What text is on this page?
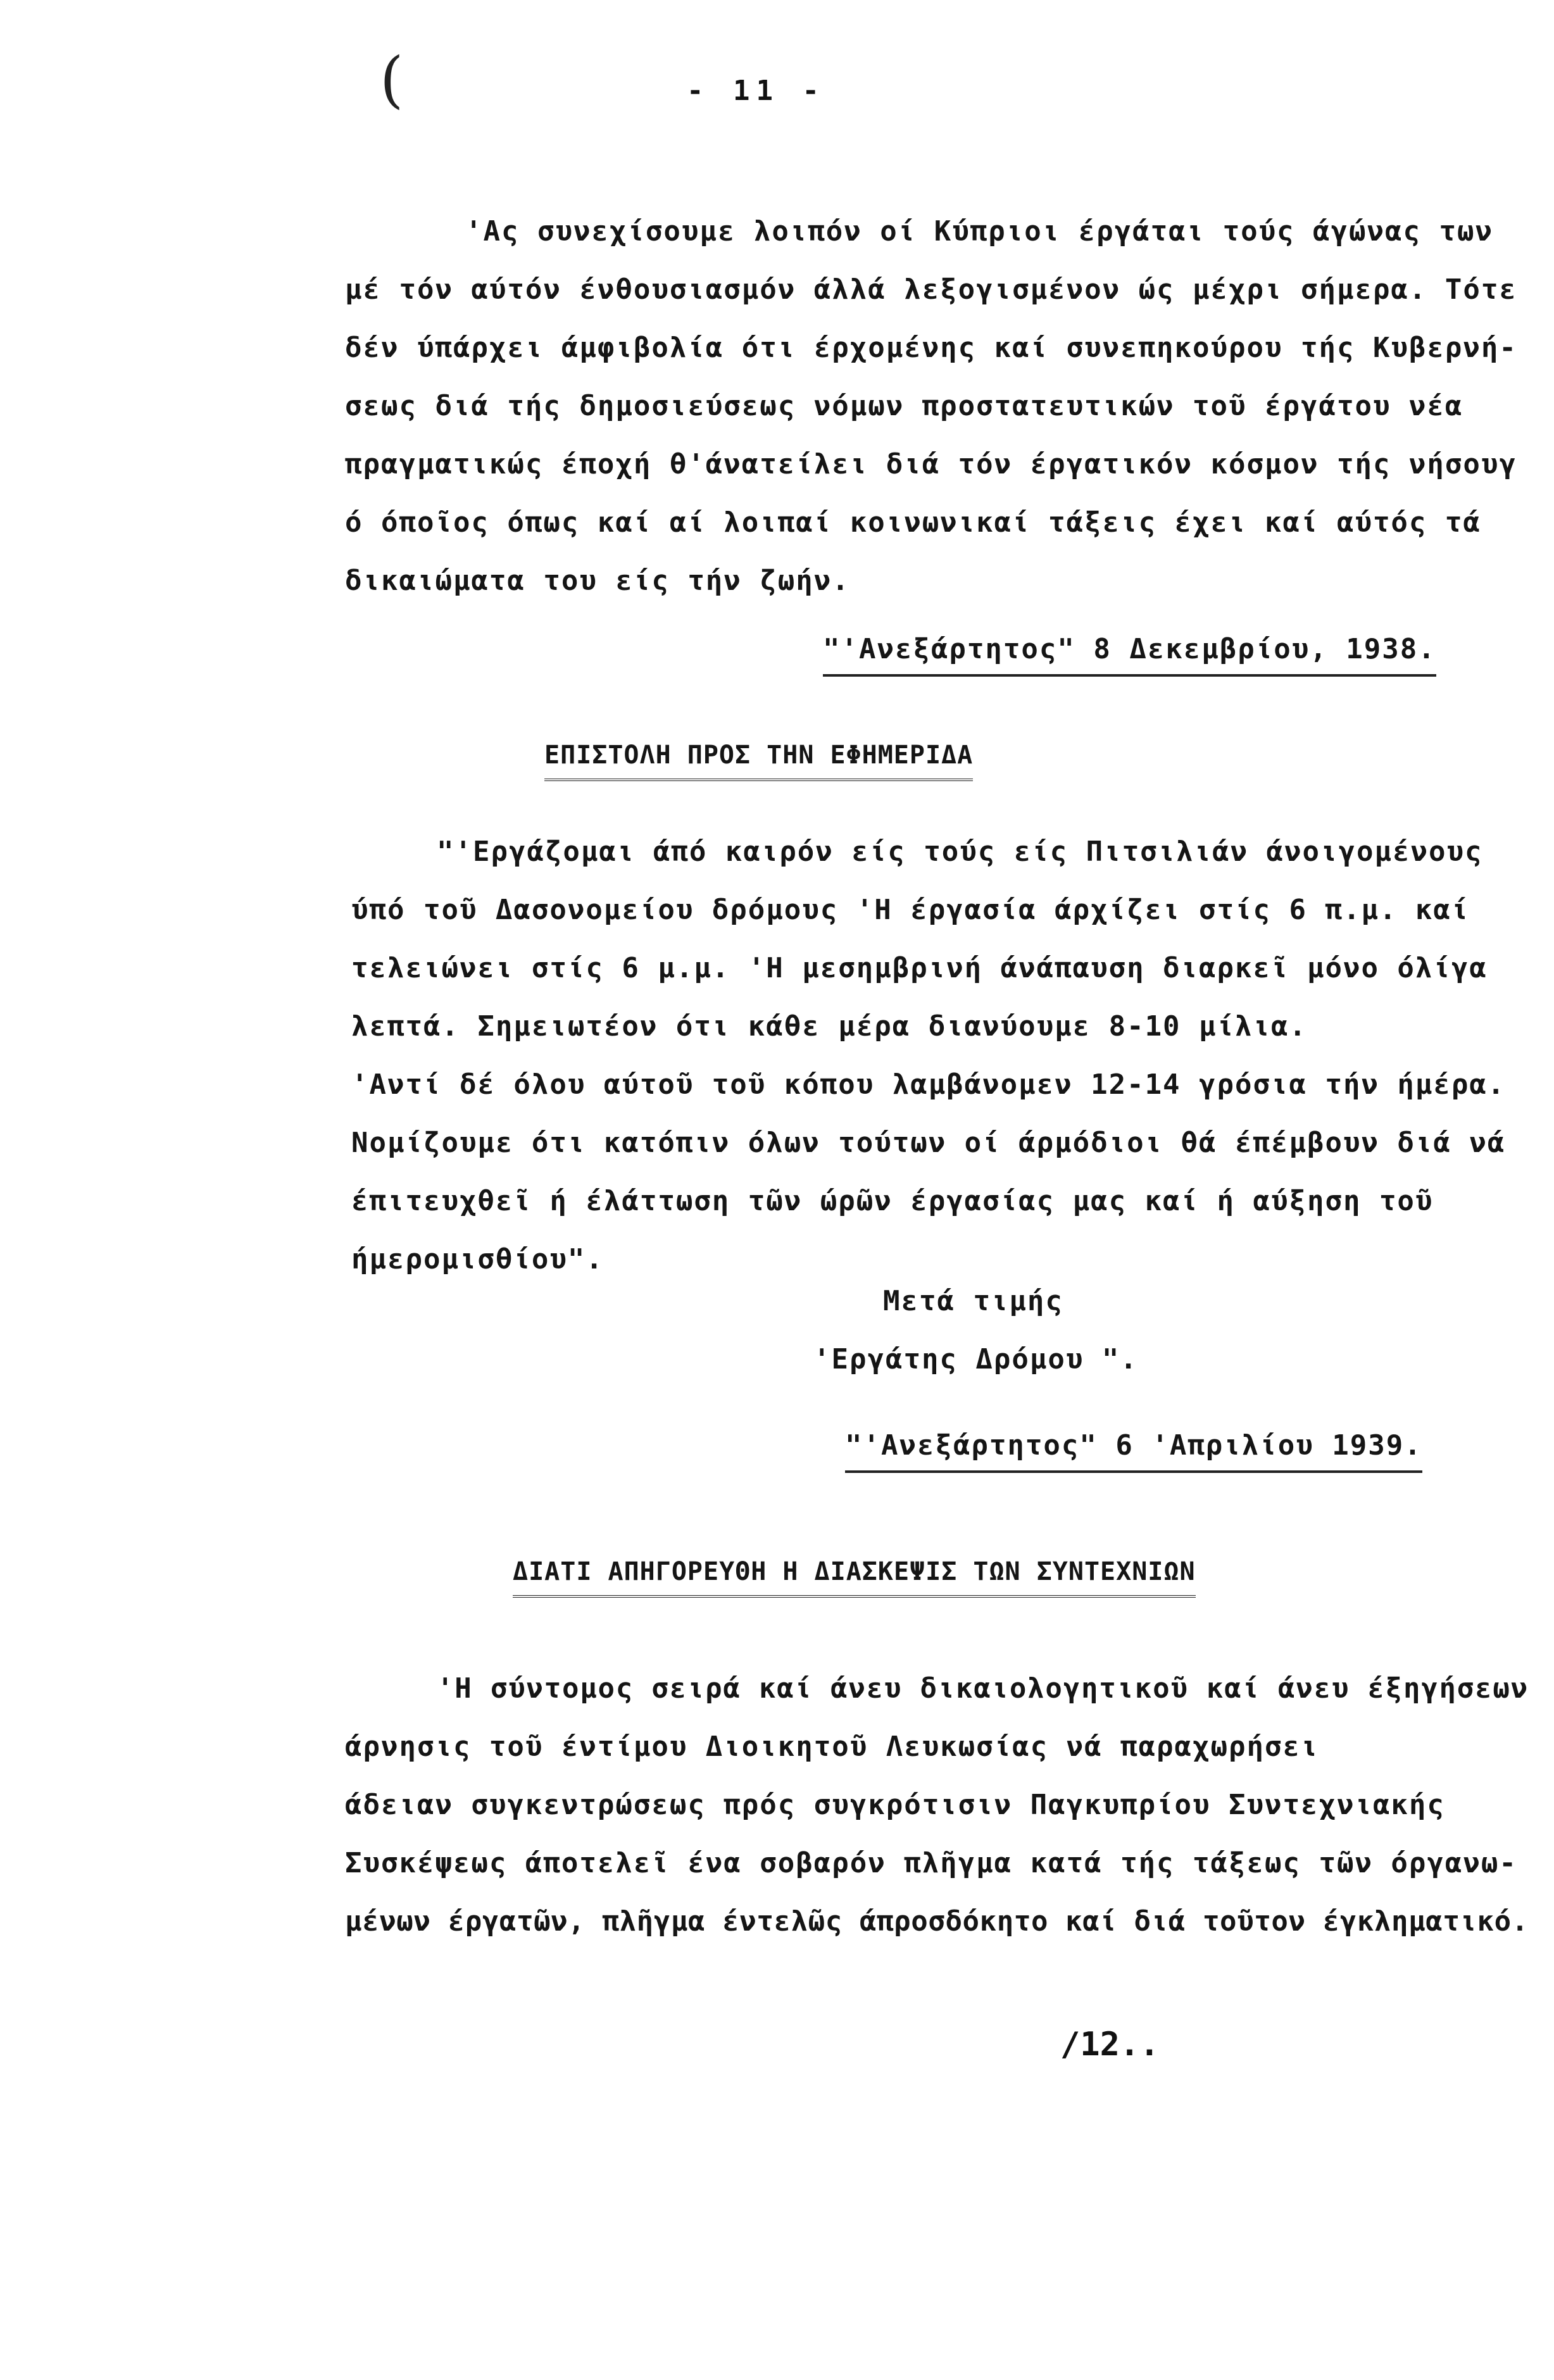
(	- 11 -
'Ας συνεχίσουμε λοιπόν οί Κύπριοι έργάται τούς άγώνας των
μέ τόν αύτόν ένθουσιασμόν άλλά λεξογισμένον ώς μέχρι σήμερα. Τότε
δέν ύπάρχει άμφιβολία ότι έρχομένης καί συνεπηκούρου τής Κυβερνή-
σεως διά τής δημοσιεύσεως νόμων προστατευτικών τοῦ έργάτου νέα
πραγματικώς έποχή θ'άνατείλει διά τόν έργατικόν κόσμον τής νήσουγ
ό όποῖος όπως καί αί λοιπαί κοινωνικαί τάξεις έχει καί αύτός τά
δικαιώματα του είς τήν ζωήν.
"'Ανεξάρτητος" 8 Δεκεμβρίου, 1938.
ΕΠΙΣΤΟΛΗ ΠΡΟΣ ΤΗΝ ΕΦΗΜΕΡΙΔΑ
"'Εργάζομαι άπό καιρόν είς τούς είς Πιτσιλιάν άνοιγομένους
ύπό τοῦ Δασονομείου δρόμους 'Η έργασία άρχίζει στίς 6 π.μ. καί
τελειώνει στίς 6 μ.μ. 'Η μεσημβρινή άνάπαυση διαρκεῖ μόνο όλίγα
λεπτά. Σημειωτέον ότι κάθε μέρα διανύουμε 8-10 μίλια.
'Αντί δέ όλου αύτοῦ τοῦ κόπου λαμβάνομεν 12-14 γρόσια τήν ήμέρα.
Νομίζουμε ότι κατόπιν όλων τούτων οί άρμόδιοι θά έπέμβουν διά νά
έπιτευχθεῖ ή έλάττωση τῶν ώρῶν έργασίας μας καί ή αύξηση τοῦ
ήμερομισθίου".
Μετά τιμής
'Εργάτης Δρόμου ".
"'Ανεξάρτητος" 6 'Απριλίου 1939.
ΔΙΑΤΙ ΑΠΗΓΟΡΕΥΘΗ Η ΔΙΑΣΚΕΨΙΣ ΤΩΝ ΣΥΝΤΕΧΝΙΩΝ
'Η σύντομος σειρά καί άνευ δικαιολογητικοῦ καί άνευ έξηγήσεων
άρνησις τοῦ έντίμου Διοικητοῦ Λευκωσίας νά παραχωρήσει
άδειαν συγκεντρώσεως πρός συγκρότισιν Παγκυπρίου Συντεχνιακής
Συσκέψεως άποτελεῖ ένα σοβαρόν πλῆγμα κατά τής τάξεως τῶν όργανω-
μένων έργατῶν, πλῆγμα έντελῶς άπροσδόκητο καί διά τοῦτον έγκληματικό.
/12..
